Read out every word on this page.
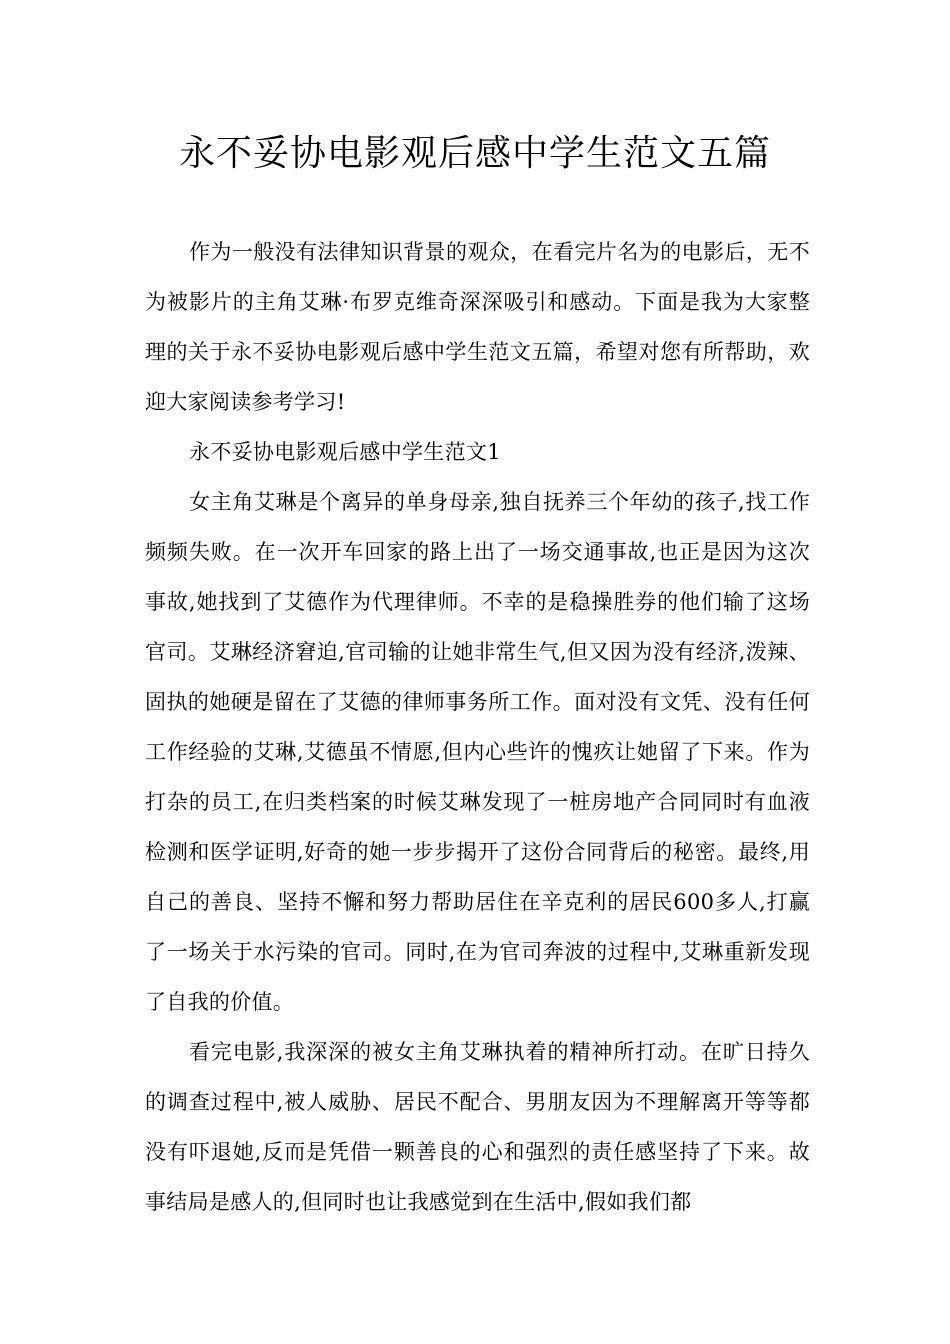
永不妥协电影观后感中学生范文五篇

作为一般没有法律知识背景的观众，在看完片名为的电影后，无不为被影片的主角艾琳·布罗克维奇深深吸引和感动。下面是我为大家整理的关于永不妥协电影观后感中学生范文五篇，希望对您有所帮助，欢迎大家阅读参考学习!

永不妥协电影观后感中学生范文1

女主角艾琳是个离异的单身母亲,独自抚养三个年幼的孩子,找工作频频失败。在一次开车回家的路上出了一场交通事故,也正是因为这次事故,她找到了艾德作为代理律师。不幸的是稳操胜券的他们输了这场官司。艾琳经济窘迫,官司输的让她非常生气,但又因为没有经济,泼辣、固执的她硬是留在了艾德的律师事务所工作。面对没有文凭、没有任何工作经验的艾琳,艾德虽不情愿,但内心些许的愧疚让她留了下来。作为打杂的员工,在归类档案的时候艾琳发现了一桩房地产合同同时有血液检测和医学证明,好奇的她一步步揭开了这份合同背后的秘密。最终,用自己的善良、坚持不懈和努力帮助居住在辛克利的居民600多人,打赢了一场关于水污染的官司。同时,在为官司奔波的过程中,艾琳重新发现了自我的价值。

看完电影,我深深的被女主角艾琳执着的精神所打动。在旷日持久的调查过程中,被人威胁、居民不配合、男朋友因为不理解离开等等都没有吓退她,反而是凭借一颗善良的心和强烈的责任感坚持了下来。故事结局是感人的,但同时也让我感觉到在生活中,假如我们都
